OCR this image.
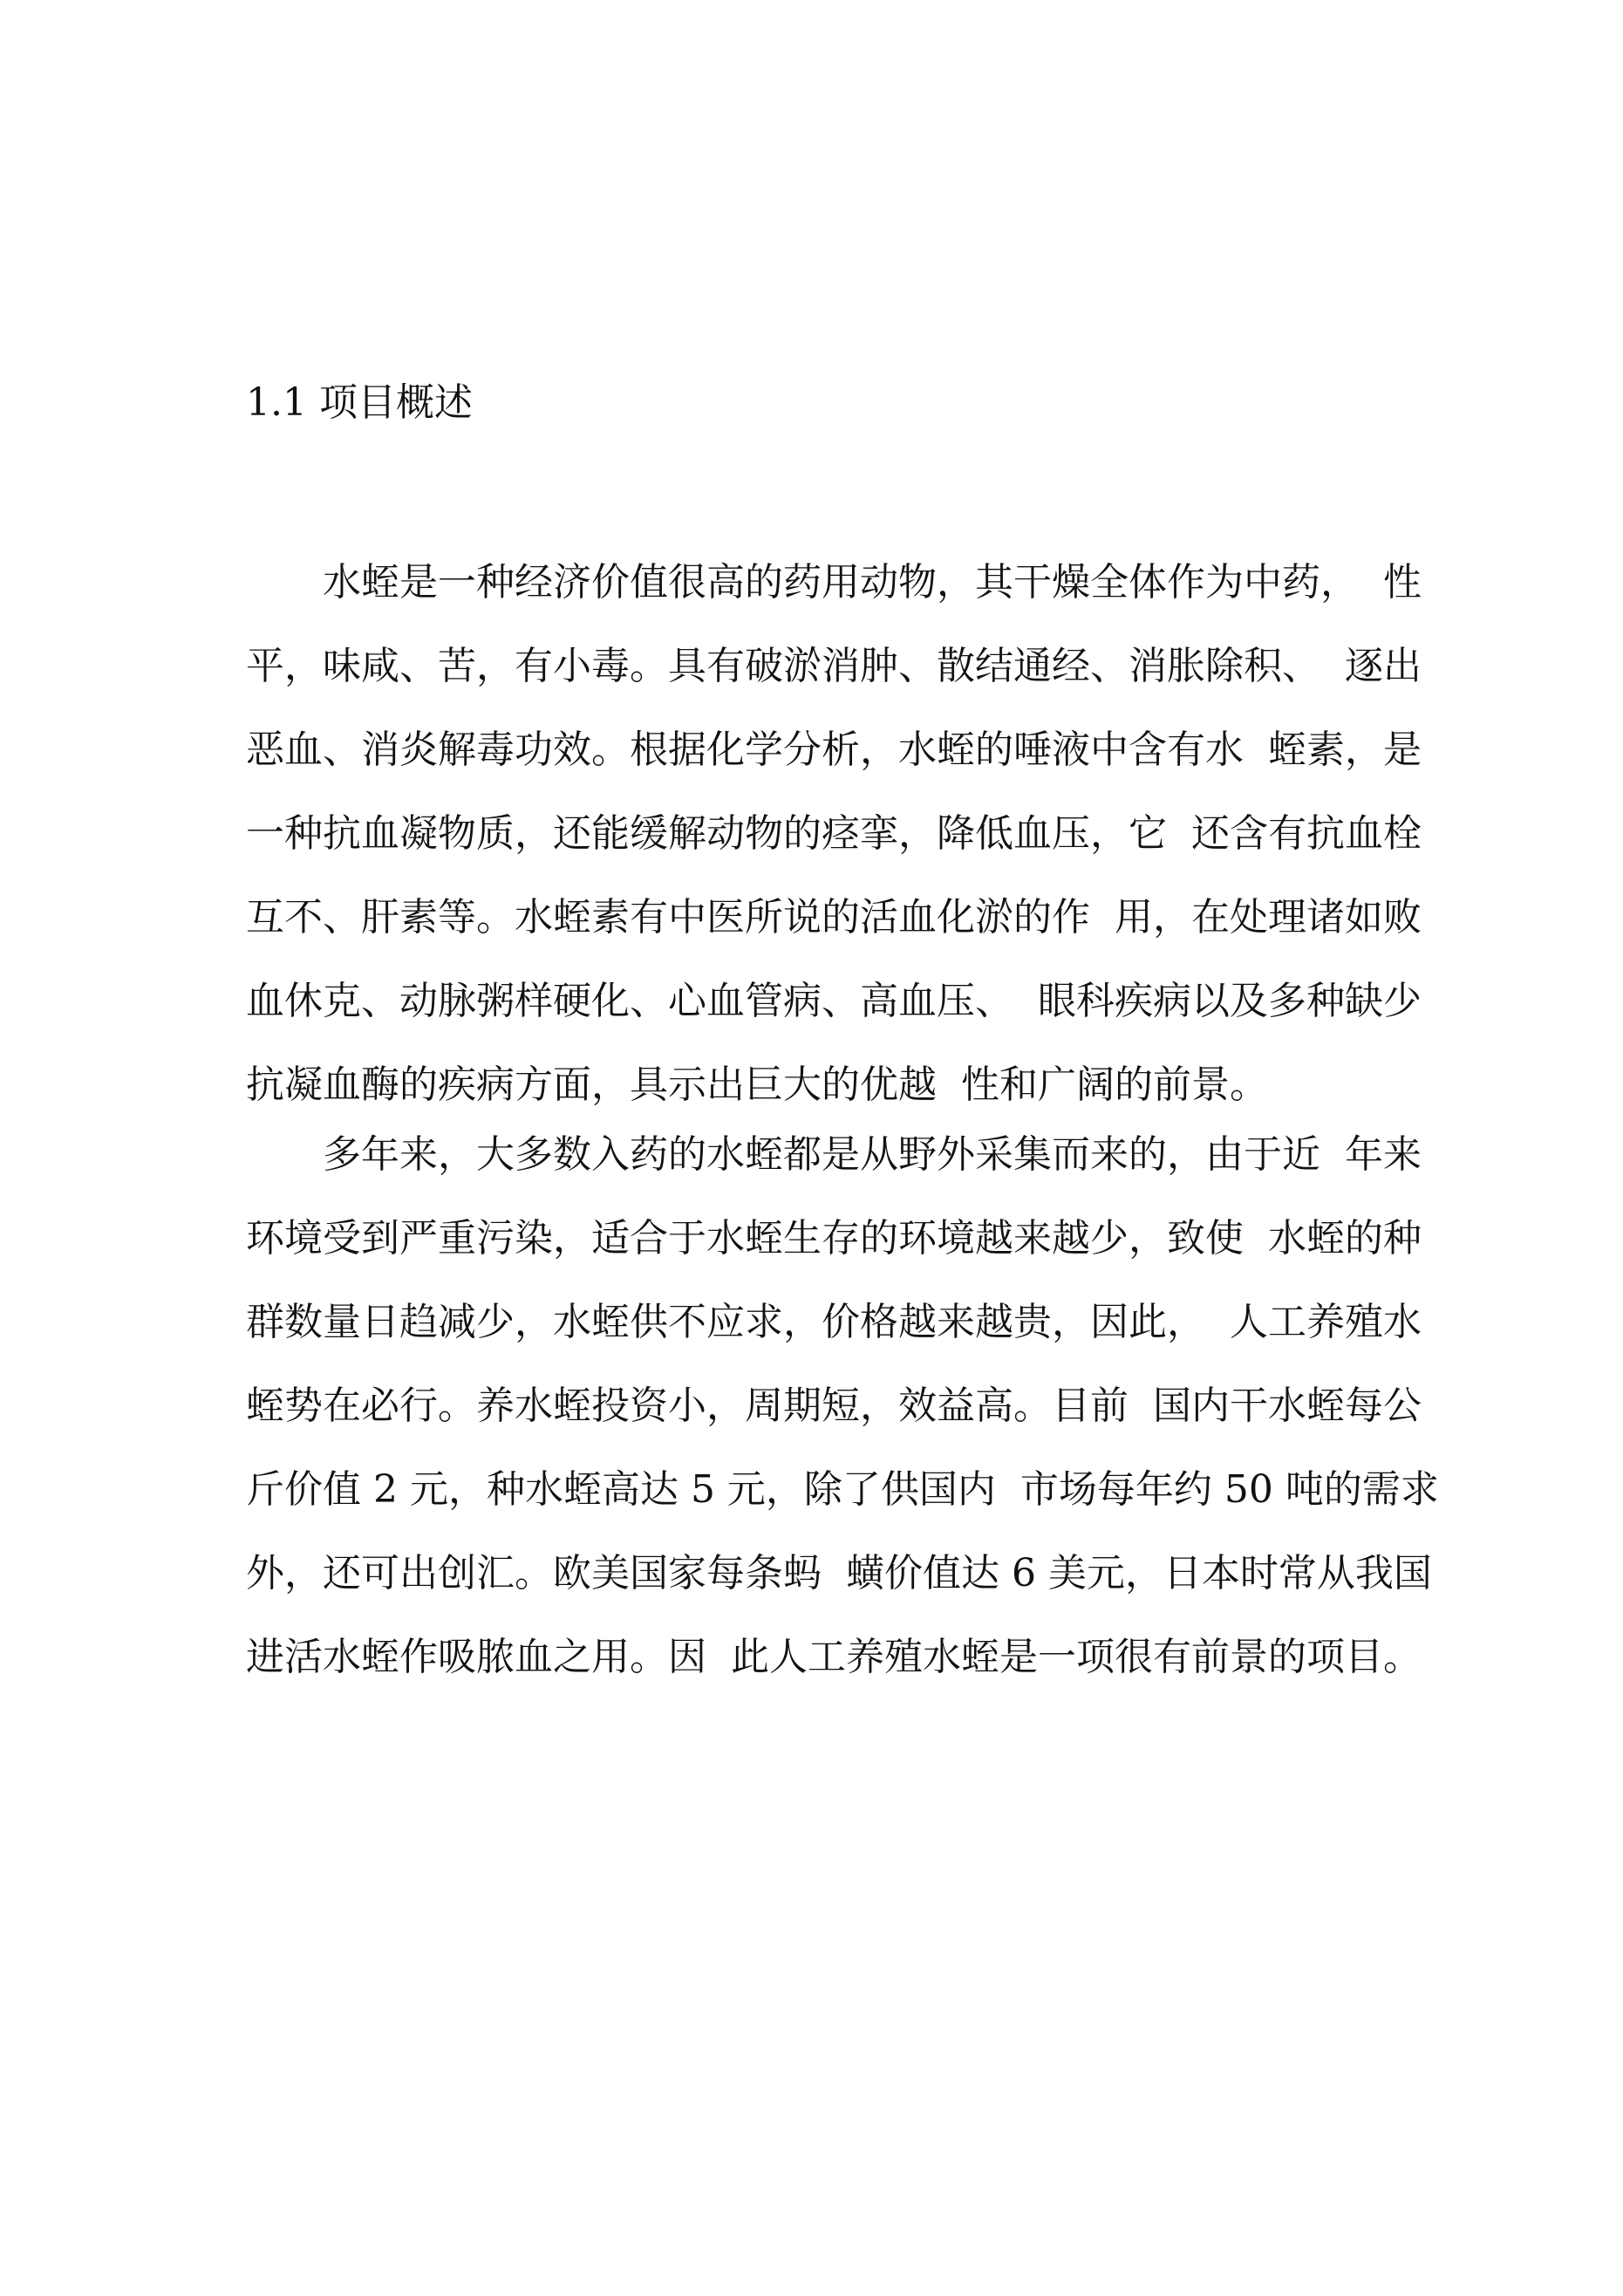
1.1 项目概述
　　水蛭是一种经济价值很高的药用动物，其干燥全体作为中药，  性
平，味咸、苦，有小毒。具有破淤消肿、散结通经、消胀除积、  逐出
恶血、消炎解毒功效。根据化学分析，水蛭的唾液中含有水  蛭素，是
一种抗血凝物质，还能缓解动物的痉挛，降低血压，它  还含有抗血栓
互不、肝素等。水蛭素有中医所说的活血化淤的作  用，在处理诸如败
血休克、动脉粥样硬化、心血管病、高血压、  眼科疾病以及多种缺少
抗凝血酶的疾病方面，具示出巨大的优越  性和广阔的前景。
　　多年来，大多数入药的水蛭都是从野外采集而来的，由于近  年来
环境受到严重污染，适合于水蛭生存的环境越来越少，致使  水蛭的种
群数量日趋减少，水蛭供不应求，价格越来越贵，因此，  人工养殖水
蛭势在必行。养水蛭投资小，周期短，效益高。目前  国内干水蛭每公
斤价值 2 元，种水蛭高达 5 元，除了供国内  市场每年约 50 吨的需求
外，还可出创汇。欧美国家每条蚂  蟥价值达 6 美元，日本时常从我国
进活水蛭作吸脓血之用。因  此人工养殖水蛭是一项很有前景的项目。
